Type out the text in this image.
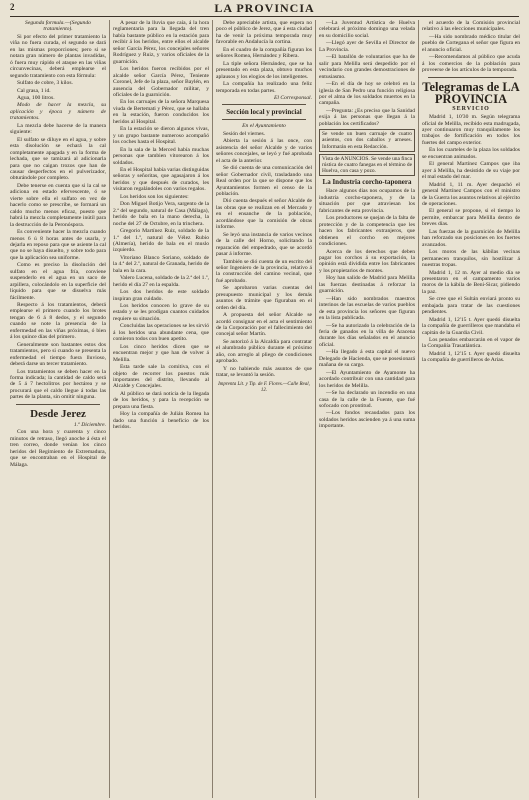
2	LA PROVINCIA

Segunda formula.—(Segundo tratamiento).

Si por efecto del primer tratamiento la viña no fuera curada, el segundo se dará en las mismas proporciones; pero si se notara gran número de plantas invadidas, ó fuera muy rápido el ataque en las viñas circunvecinas, deberá emplearse el segundo tratamiento con esta fórmula:

Sulfato de cobre, 3 kilos.

Cal grasa, 1 id.

Agua, 100 litros.

Modo de hacer la mezcla, su aplicación y época y número de tratamientos.

La mezcla debe hacerse de la manera siguiente:

El sulfato se diluye en el agua, y sobre esta disolución se echará la cal completamente apagada y en la forma de lechada, que se tamizará al adicionarla para que no caigan trozos que han de causar desperfectos en el pulverizador, obturándole por completo.

Debe tenerse en cuenta que si la cal se adiciona en estado efervescente, ó se vierte sobre ella el sulfato en vez de hacerlo como se prescribe, se formará un caldo mucho menos eficaz, puesto que habrá la mezcla completamente inútil para la destrucción de la Peronóspora.

Es conveniente hacer la mezcla cuando menos 6 ú 8 horas antes de usarla, y dejarla en reposo para que se asiente la cal que no se haya disuelto, y sobre todo para que la aplicación sea uniforme.

Como es preciso la disolución del sulfato en el agua fría, conviene suspenderlo en el agua en un saco de arpillera, colocándolo en la superficie del líquido para que se disuelva más fácilmente.

Respecto á los tratamientos, deberá emplearse el primero cuando los brotes tengan de 6 á 8 dedos, y el segundo cuando se note la presencia de la enfermedad en las viñas próximas, ó bien á los quince días del primero.

Generalmente son bastantes estos dos tratamientos, pero si cuando se presenta la enfermedad el tiempo fuera lluvioso, deberá darse un tercer tratamiento.

Los tratamientos se deben hacer en la forma indicada; la cantidad de caldo será de 5 á 7 hectolitros por hectárea y se procurará que el caldo llegue á todas las partes de la planta, sin omitir ninguna.

Desde Jerez

1.º Diciembre.

Con una hora y cuarenta y cinco minutos de retraso, llegó anoche á ésta el tren correo, donde venían los cinco heridos del Regimiento de Extremadura, que se encontraban en el Hospital de Málaga.

A pesar de la lluvia que caía, á la hora reglamentaria para la llegada del tren había bastante público en la estación para recibir á los heridos, entre ellos el alcalde señor García Pérez, los concejales señores Rodríguez y Ruiz, y varios oficiales de la guarnición.

Los heridos fueron recibidos por el alcalde señor García Pérez, Teniente Coronel, Jefe de la plaza, señor Baylén, en ausencia del Gobernador militar, y oficiales de la guarnición.

En los carruajes de la señora Marquesa viuda de Bertemati y Pérez, que se hallaba en la estación, fueron conducidos los heridos al Hospital.

En la estación se dieron algunos vivas, y un grupo bastante numeroso acompañó los coches hasta el Hospital.

En la sala de la Merced había muchas personas que tambien vitorearon á los soldados.

En el Hospital había varias distinguidas señoras y señoritas, que agasajaron á los heridos y que después de curados, les visitaron regalándoles con varios regalos.

Los heridos son los siguientes:

Don Miguel Botijo Vera, sargento de la 2.ª del segundo, natural de Casa (Málaga), herido de bala en la mano derecha, la noche del 27 de Octubre, en la trinchera.

Gregorio Martínez Ruiz, soldado de la 1.ª del 1.º, natural de Vélez Rubio (Almería), herido de bala en el muslo izquierdo.

Vitoriano Blanco Soriano, soldado de la 4.ª del 2.º, natural de Granada, herido de bala en la cara.

Valero Lucena, soldado de la 2.ª del 1.º, herido el día 27 en la espalda.

Los dos heridos de este soldado inspiran gran cuidado.

Los heridos conocen lo grave de su estado y se les prodigan cuantos cuidados requiere su situación.

Concluidas las operaciones se les sirvió á los heridos una abundante cena, que comieron todos con buen apetito.

Los cinco heridos dicen que se encuentran mejor y que han de volver á Melilla.

Esta tarde sale la comitiva, con el objeto de recorrer los puestos más importantes del distrito, llevando al Alcalde y Concejales.

Al público se dará noticia de la llegada de los heridos, y para la recepción se prepara una fiesta.

Hoy la compañía de Julián Romea ha dado una función á beneficio de los heridos.

Debe apreciable artista, que espera no poco el público de Jerez, que á esta ciudad ha de venir la próxima temporada muy favorable en Andalucía la cortina.

En el cuadro de la compañía figuran los señores Romea, Hernández y Ribera.

La tiple señora Hernández, que se ha presentado en esta plaza, obtuvo muchos aplausos y los elogios de los inteligentes.

La compañía ha realizado una feliz temporada en todas partes.

El Corresponsal.

Sección local y provincial
En el Ayuntamiento

Sesión del viernes.

Abierta la sesión á las once, con asistencia del señor Alcalde y de varios señores concejales, se leyó y fué aprobada el acta de la anterior.

Se dió cuenta de una comunicación del señor Gobernador civil, trasladando una Real orden por la que se dispone que los Ayuntamientos formen el censo de la población.

Dió cuenta después el señor Alcalde de las obras que se realizan en el Mercado y en el ensanche de la población, acordándose que la comisión de obras informe.

Se leyó una instancia de varios vecinos de la calle del Horno, solicitando la reparación del empedrado, que se acordó pasar á informe.

También se dió cuenta de un escrito del señor Ingeniero de la provincia, relativo á la construcción del camino vecinal, que fué aprobado.

Se aprobaron varias cuentas del presupuesto municipal y los demás asuntos de trámite que figuraban en el orden del día.

A propuesta del señor Alcalde se acordó consignar en el acta el sentimiento de la Corporación por el fallecimiento del concejal señor Martín.

Se autorizó á la Alcaldía para contratar el alumbrado público durante el próximo año, con arreglo al pliego de condiciones aprobado.

Y no habiendo más asuntos de que tratar, se levantó la sesión.

Imprenta Lit. y Tip. de F. Flores.—Calle Real, 12.

—La Juventud Artística de Huelva celebrará el próximo domingo una velada en su domicilio social.

—Llegó ayer de Sevilla el Director de La Provincia.

—El batallón de voluntarios que ha de salir para Melilla será despedido por el vecindario con grandes demostraciones de entusiasmo.

—En el día de hoy se celebró en la iglesia de San Pedro una función religiosa por el alma de los soldados muertos en la campaña.

—Pregunta: ¿Es preciso que la Sanidad exija á las personas que llegan á la población los certificados?

Se vende un buen carruaje de cuatro asientos, con dos caballos y arneses. Informarán en esta Redacción.
Vista de ANUNCIOS. Se vende una finca rústica de cuatro fanegas en el término de Huelva, con casa y pozo.
La Industria corcho-taponera

Hace algunos días nos ocupamos de la industria corcho-taponera, y de la situación por que atraviesan los fabricantes de esta provincia.

Los productores se quejan de la falta de protección y de la competencia que les hacen los fabricantes extranjeros, que obtienen el corcho en mejores condiciones.

Acerca de los derechos que deben pagar los corchos á su exportación, la opinión está dividida entre los fabricantes y los propietarios de montes.

Hoy han salido de Madrid para Melilla las fuerzas destinadas á reforzar la guarnición.

—Han sido nombrados maestros interinos de las escuelas de varios pueblos de esta provincia los señores que figuran en la lista publicada.

—Se ha autorizado la celebración de la feria de ganados en la villa de Aracena durante los días señalados en el anuncio oficial.

—Ha llegado á esta capital el nuevo Delegado de Hacienda, que se posesionará mañana de su cargo.

—El Ayuntamiento de Ayamonte ha acordado contribuir con una cantidad para los heridos de Melilla.

—Se ha declarado un incendio en una casa de la calle de la Fuente, que fué sofocado con prontitud.

—Los fondos recaudados para los soldados heridos ascienden ya á una suma importante.

el acuerdo de la Comisión provincial relativo á las elecciones municipales.

—Ha sido nombrado médico titular del pueblo de Cortegana el señor que figura en el anuncio oficial.

—Recomendamos al público que acuda á los comercios de la población para proveerse de los artículos de la temporada.

Telegramas de LA PROVINCIA
SERVICIO

Madrid 1, 10'30 m. Según telegrama oficial de Melilla, recibido esta madrugada, ayer continuaron muy tranquilamente los trabajos de fortificación en todos los fuertes del campo exterior.

En los cuarteles de la plaza los soldados se encuentran animados.

El general Martínez Campos que iba ayer á Melilla, ha desistido de su viaje por el mal estado del mar.

Madrid 1, 11 m. Ayer despachó el general Martínez Campos con el ministro de la Guerra los asuntos relativos al ejército de operaciones.

El general se propone, si el tiempo lo permite, embarcar para Melilla dentro de breves días.

Las fuerzas de la guarnición de Melilla han reforzado sus posiciones en los fuertes avanzados.

Los moros de las kábilas vecinas permanecen tranquilos, sin hostilizar á nuestras tropas.

Madrid 1, 12 m. Ayer al medio día se presentaron en el campamento varios moros de la kábila de Beni-Sicar, pidiendo la paz.

Se cree que el Sultán enviará pronto su embajada para tratar de las cuestiones pendientes.

Madrid 1, 12'15 t. Ayer quedó disuelta la compañía de guerrilleros que mandaba el capitán de la Guardia Civil.

Los penados embarcarán en el vapor de la Compañía Trasatlántica.

Madrid 1, 12'15 t. Ayer quedó disuelta la compañía de guerrilleros de Arias.
